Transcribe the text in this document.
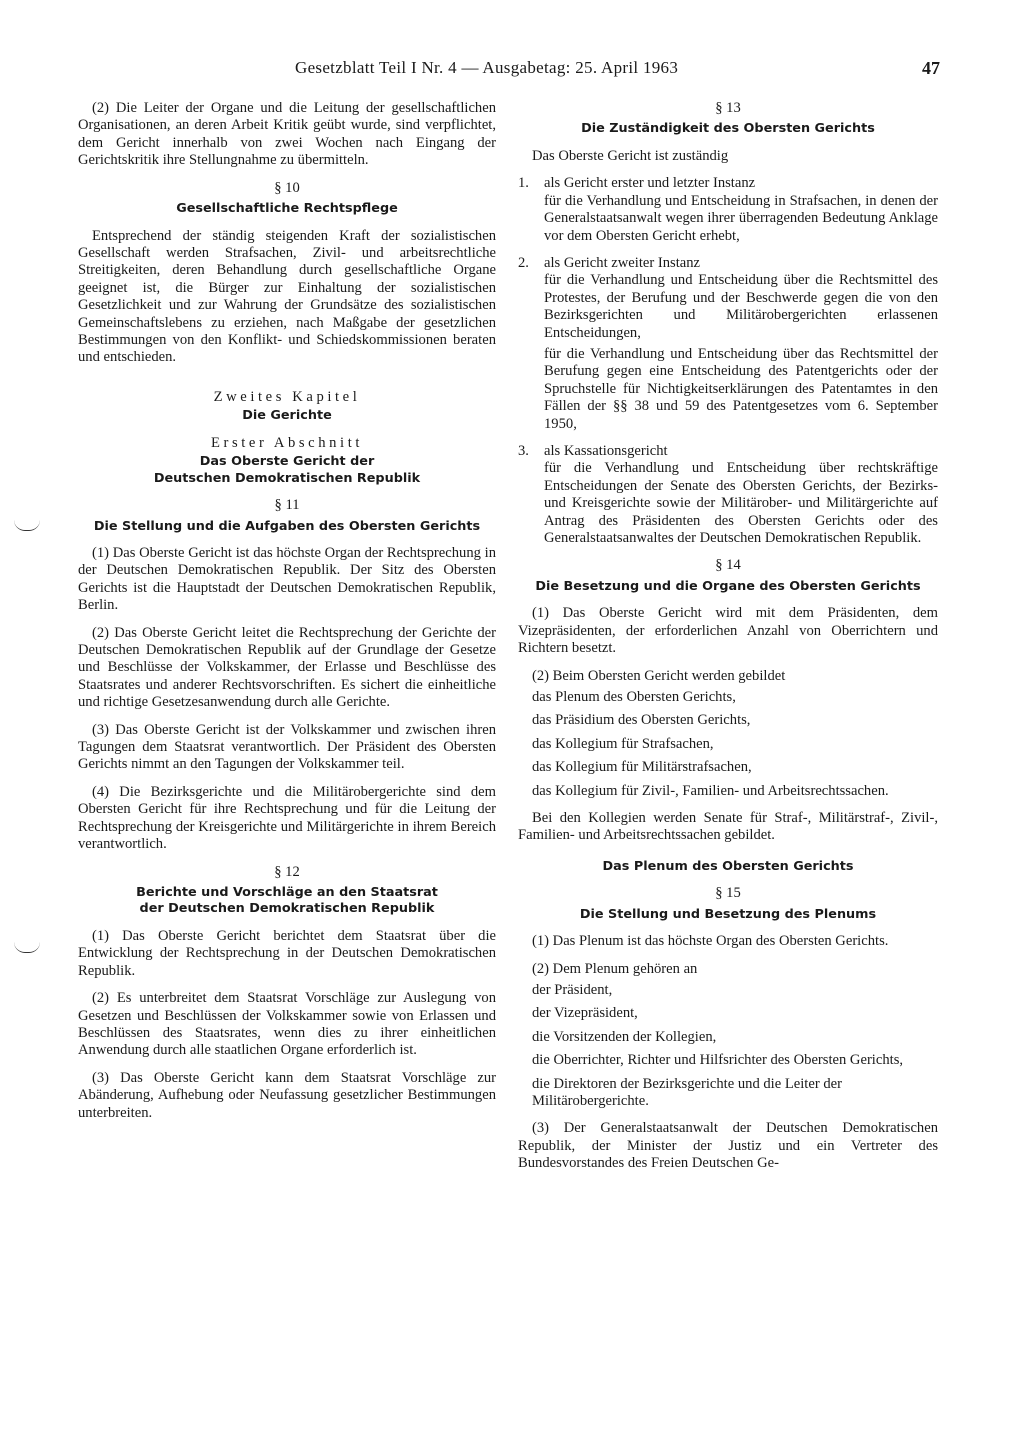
Gesetzblatt Teil I Nr. 4 — Ausgabetag: 25. April 1963	47

(2) Die Leiter der Organe und die Leitung der gesellschaftlichen Organisationen, an deren Arbeit Kritik geübt wurde, sind verpflichtet, dem Gericht innerhalb von zwei Wochen nach Eingang der Gerichtskritik ihre Stellungnahme zu übermitteln.

§ 10
Gesellschaftliche Rechtspflege

Entsprechend der ständig steigenden Kraft der sozialistischen Gesellschaft werden Strafsachen, Zivil- und arbeitsrechtliche Streitigkeiten, deren Behandlung durch gesellschaftliche Organe geeignet ist, die Bürger zur Einhaltung der sozialistischen Gesetzlichkeit und zur Wahrung der Grundsätze des sozialistischen Gemeinschaftslebens zu erziehen, nach Maßgabe der gesetzlichen Bestimmungen von den Konflikt- und Schiedskommissionen beraten und entschieden.

Zweites Kapitel
Die Gerichte
Erster Abschnitt
Das Oberste Gericht der
Deutschen Demokratischen Republik
§ 11
Die Stellung und die Aufgaben des Obersten Gerichts

(1) Das Oberste Gericht ist das höchste Organ der Rechtsprechung in der Deutschen Demokratischen Republik. Der Sitz des Obersten Gerichts ist die Hauptstadt der Deutschen Demokratischen Republik, Berlin.

(2) Das Oberste Gericht leitet die Rechtsprechung der Gerichte der Deutschen Demokratischen Republik auf der Grundlage der Gesetze und Beschlüsse der Volkskammer, der Erlasse und Beschlüsse des Staatsrates und anderer Rechtsvorschriften. Es sichert die einheitliche und richtige Gesetzesanwendung durch alle Gerichte.

(3) Das Oberste Gericht ist der Volkskammer und zwischen ihren Tagungen dem Staatsrat verantwortlich. Der Präsident des Obersten Gerichts nimmt an den Tagungen der Volkskammer teil.

(4) Die Bezirksgerichte und die Militärobergerichte sind dem Obersten Gericht für ihre Rechtsprechung und für die Leitung der Rechtsprechung der Kreisgerichte und Militärgerichte in ihrem Bereich verantwortlich.

§ 12
Berichte und Vorschläge an den Staatsrat
der Deutschen Demokratischen Republik

(1) Das Oberste Gericht berichtet dem Staatsrat über die Entwicklung der Rechtsprechung in der Deutschen Demokratischen Republik.

(2) Es unterbreitet dem Staatsrat Vorschläge zur Auslegung von Gesetzen und Beschlüssen der Volkskammer sowie von Erlassen und Beschlüssen des Staatsrates, wenn dies zu ihrer einheitlichen Anwendung durch alle staatlichen Organe erforderlich ist.

(3) Das Oberste Gericht kann dem Staatsrat Vorschläge zur Abänderung, Aufhebung oder Neufassung gesetzlicher Bestimmungen unterbreiten.

§ 13
Die Zuständigkeit des Obersten Gerichts

Das Oberste Gericht ist zuständig

1.	als Gericht erster und letzter Instanz

für die Verhandlung und Entscheidung in Strafsachen, in denen der Generalstaatsanwalt wegen ihrer überragenden Bedeutung Anklage vor dem Obersten Gericht erhebt,

2.	als Gericht zweiter Instanz

für die Verhandlung und Entscheidung über die Rechtsmittel des Protestes, der Berufung und der Beschwerde gegen die von den Bezirksgerichten und Militärobergerichten erlassenen Entscheidungen,

für die Verhandlung und Entscheidung über das Rechtsmittel der Berufung gegen eine Entscheidung des Patentgerichts oder der Spruchstelle für Nichtigkeitserklärungen des Patentamtes in den Fällen der §§ 38 und 59 des Patentgesetzes vom 6. September 1950,

3.	als Kassationsgericht

für die Verhandlung und Entscheidung über rechtskräftige Entscheidungen der Senate des Obersten Gerichts, der Bezirks- und Kreisgerichte sowie der Militärober- und Militärgerichte auf Antrag des Präsidenten des Obersten Gerichts oder des Generalstaatsanwaltes der Deutschen Demokratischen Republik.

§ 14
Die Besetzung und die Organe des Obersten Gerichts

(1) Das Oberste Gericht wird mit dem Präsidenten, dem Vizepräsidenten, der erforderlichen Anzahl von Oberrichtern und Richtern besetzt.

(2) Beim Obersten Gericht werden gebildet

das Plenum des Obersten Gerichts,
das Präsidium des Obersten Gerichts,
das Kollegium für Strafsachen,
das Kollegium für Militärstrafsachen,
das Kollegium für Zivil-, Familien- und Arbeitsrechtssachen.

Bei den Kollegien werden Senate für Straf-, Militärstraf-, Zivil-, Familien- und Arbeitsrechtssachen gebildet.

Das Plenum des Obersten Gerichts
§ 15
Die Stellung und Besetzung des Plenums

(1) Das Plenum ist das höchste Organ des Obersten Gerichts.

(2) Dem Plenum gehören an

der Präsident,
der Vizepräsident,
die Vorsitzenden der Kollegien,
die Oberrichter, Richter und Hilfsrichter des Obersten Gerichts,
die Direktoren der Bezirksgerichte und die Leiter der Militärobergerichte.

(3) Der Generalstaatsanwalt der Deutschen Demokratischen Republik, der Minister der Justiz und ein Vertreter des Bundesvorstandes des Freien Deutschen Ge-
